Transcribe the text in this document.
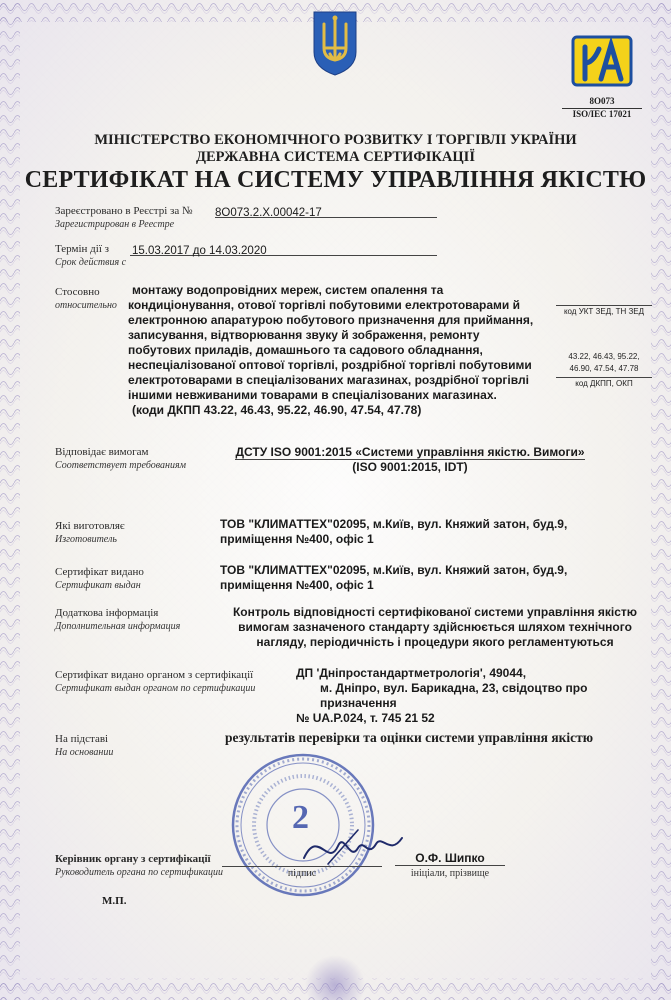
8О073
ISO/IEC 17021
МІНІСТЕРСТВО ЕКОНОМІЧНОГО РОЗВИТКУ І ТОРГІВЛІ УКРАЇНИ
ДЕРЖАВНА СИСТЕМА СЕРТИФІКАЦІЇ
СЕРТИФІКАТ НА СИСТЕМУ УПРАВЛІННЯ ЯКІСТЮ
Зареєстровано в Реєстрі за №
Зарегистрирован в Реестре
8О073.2.Х.00042-17
Термін дії з
Срок действия с
15.03.2017 до 14.03.2020
Стосовно
относительно
монтажу водопровідних мереж, систем опалення та
кондиціонування, отової торгівлі побутовими електротоварами й
електронною апаратурою побутового призначення для приймання,
записування, відтворювання звуку й зображення, ремонту
побутових приладів, домашнього та садового обладнання,
неспеціалізованої оптової торгівлі, роздрібної торгівлі побутовими
електротоварами в спеціалізованих магазинах, роздрібної торгівлі
іншими невживаними товарами в спеціалізованих магазинах.
(коди ДКПП 43.22, 46.43, 95.22, 46.90, 47.54, 47.78)
код УКТ ЗЕД, ТН ЗЕД
43.22, 46.43, 95.22,
46.90, 47.54, 47.78
код ДКПП, ОКП
Відповідає вимогам
Соответствует требованиям
ДСТУ ISO 9001:2015 «Системи управління якістю. Вимоги»
(ISO 9001:2015, IDT)
Які виготовляє
Изготовитель
ТОВ "КЛИМАТТЕХ"02095, м.Київ, вул. Княжий затон, буд.9,
приміщення №400, офіс 1
Сертифікат видано
Сертификат выдан
ТОВ "КЛИМАТТЕХ"02095, м.Київ, вул. Княжий затон, буд.9,
приміщення №400, офіс 1
Додаткова інформація
Дополнительная информация
Контроль відповідності сертифікованої системи управління якістю
вимогам зазначеного стандарту здійснюється шляхом технічного
нагляду, періодичність і процедури якого регламентуються
Сертифікат видано органом з сертифікації
Сертификат выдан органом по сертификации
ДП 'Дніпростандартметрологія', 49044,
м. Дніпро, вул. Барикадна, 23, свідоцтво про призначення
№ UA.P.024, т. 745 21 52
На підставі
На основании
результатів перевірки та оцінки системи управління якістю
2
Керівник органу з сертифікації
Руководитель органа по сертификации	підпис
О.Ф. Шипко
ініціали, прізвище
М.П.
